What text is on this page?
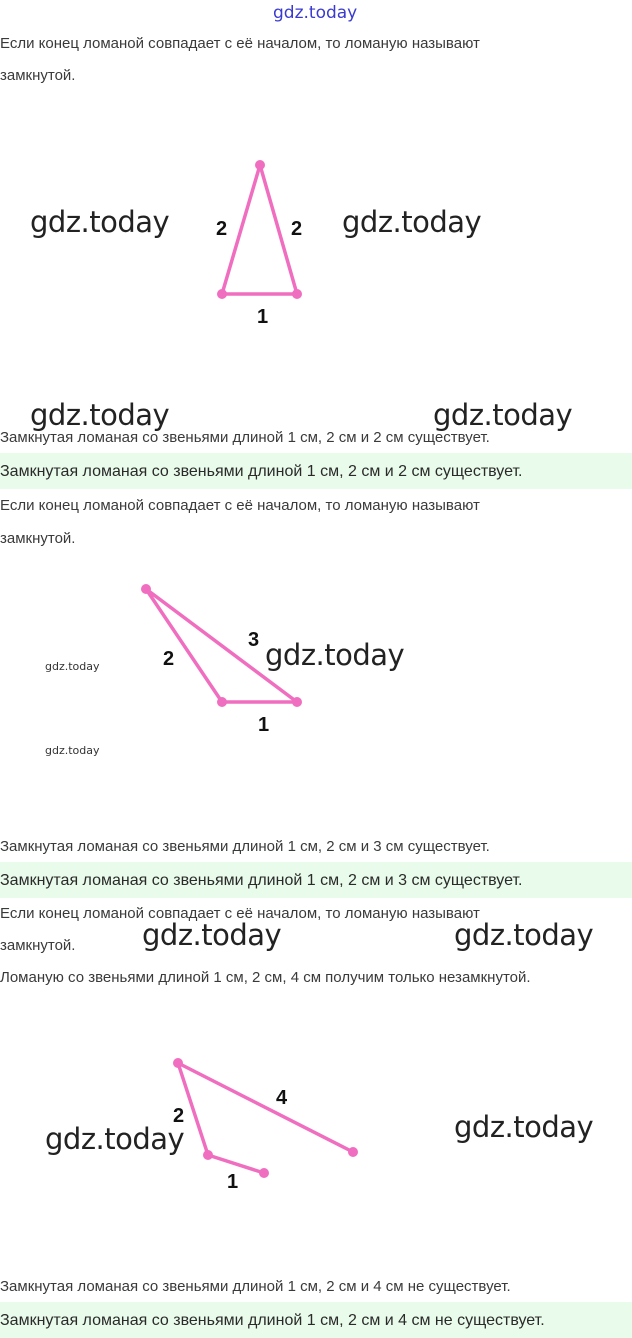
gdz.today
Если конец ломаной совпадает с её началом, то ломаную называют
замкнутой.
2	2
1
2
3
1
2
4
1
gdz.today	gdz.today
gdz.today	gdz.today
Замкнутая ломаная со звеньями длиной 1 см, 2 см и 2 см существует.
Замкнутая ломаная со звеньями длиной 1 см, 2 см и 2 см существует.
Если конец ломаной совпадает с её началом, то ломаную называют
замкнутой.
gdz.today
gdz.today
gdz.today
Замкнутая ломаная со звеньями длиной 1 см, 2 см и 3 см существует.
Замкнутая ломаная со звеньями длиной 1 см, 2 см и 3 см существует.
Если конец ломаной совпадает с её началом, то ломаную называют
замкнутой. gdz.today	gdz.today
Ломаную со звеньями длиной 1 см, 2 см, 4 см получим только незамкнутой.
gdz.today	gdz.today
Замкнутая ломаная со звеньями длиной 1 см, 2 см и 4 см не существует.
Замкнутая ломаная со звеньями длиной 1 см, 2 см и 4 см не существует.
